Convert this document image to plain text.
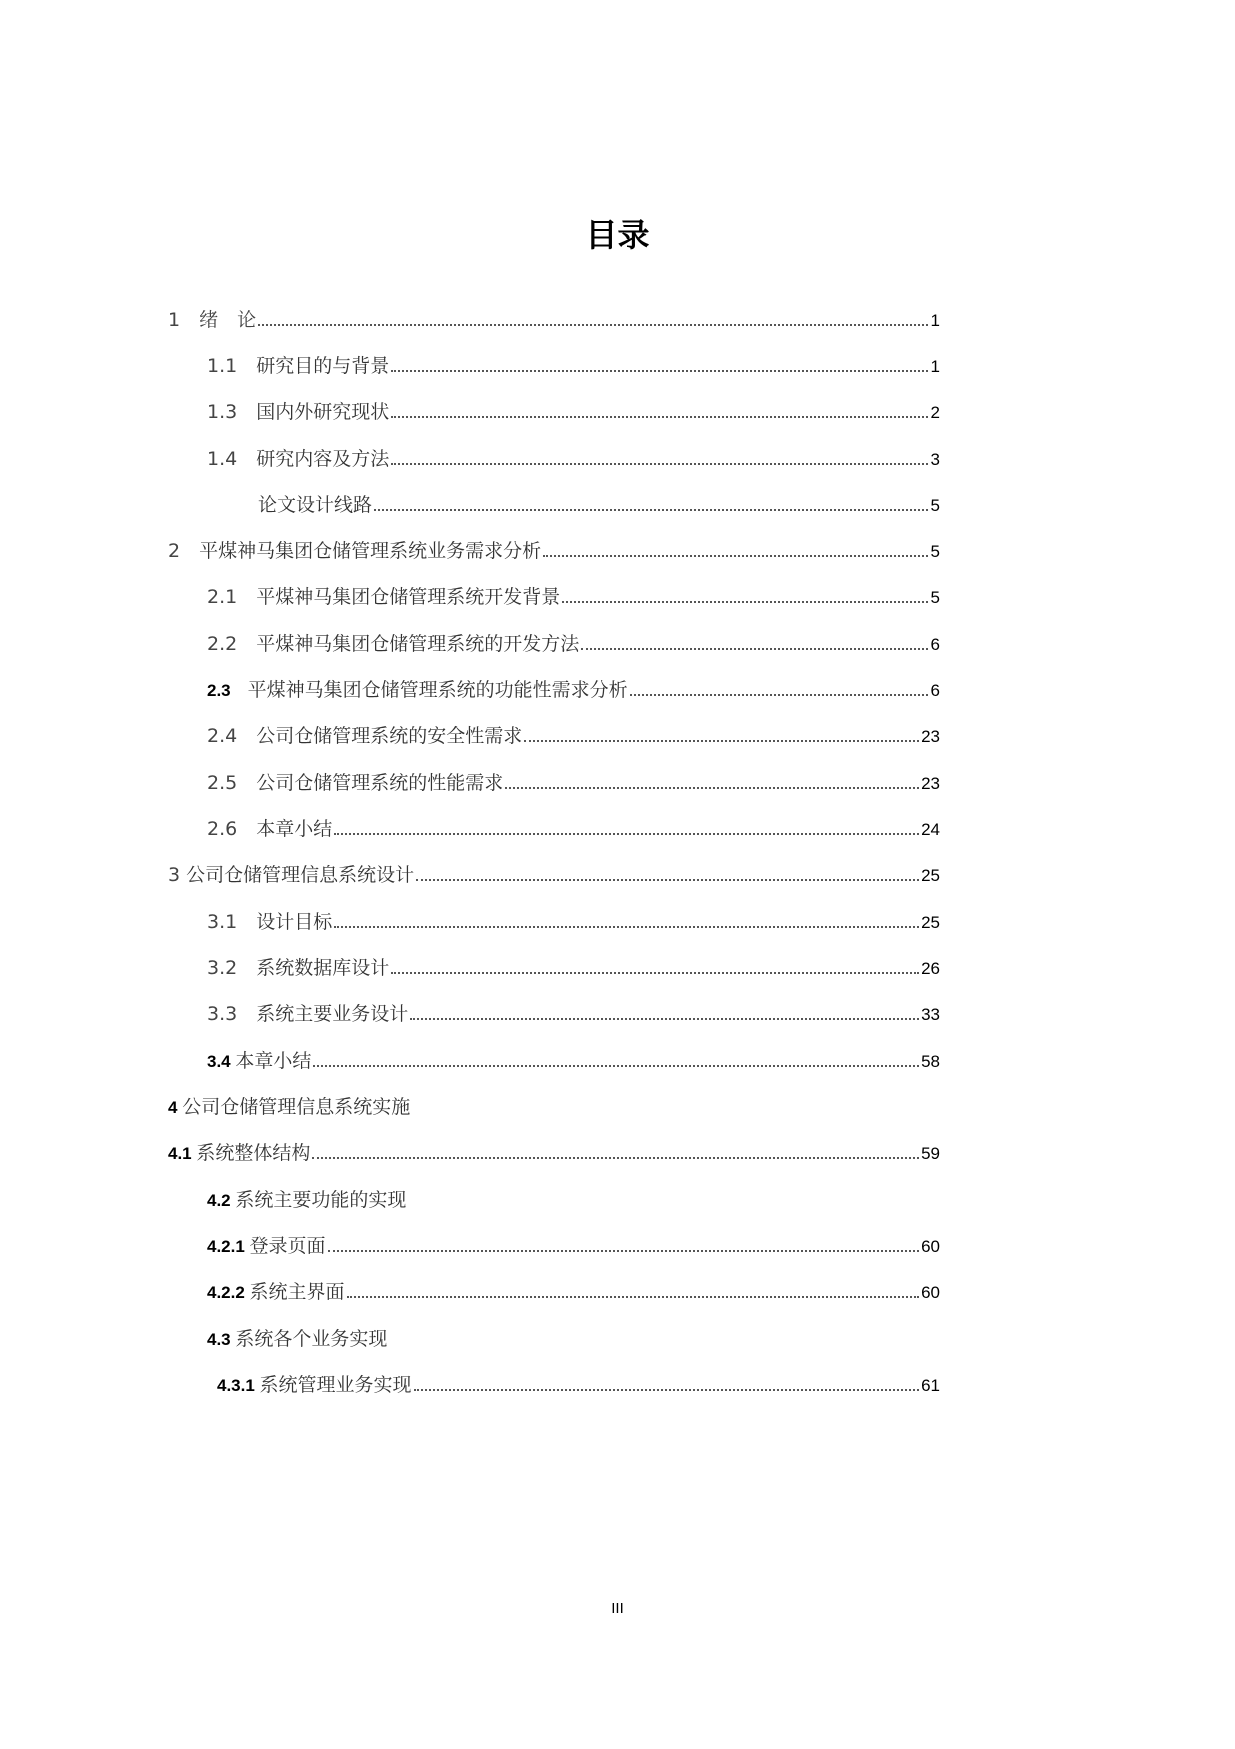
目录
1　绪　论	1
1.1　 研究目的与背景	1
1.3　 国内外研究现状	2
1.4　 研究内容及方法	3
论文设计线路	5
2　 平煤神马集团仓储管理系统业务需求分析	5
2.1　 平煤神马集团仓储管理系统开发背景	5
2.2　 平煤神马集团仓储管理系统的开发方法	6
2.3　 平煤神马集团仓储管理系统的功能性需求分析	6
2.4　 公司仓储管理系统的安全性需求	23
2.5　 公司仓储管理系统的性能需求	23
2.6　 本章小结	24
3 公司仓储管理信息系统设计	25
3.1　 设计目标	25
3.2　 系统数据库设计	26
3.3　 系统主要业务设计	33
3.4 本章小结	58
4 公司仓储管理信息系统实施
4.1 系统整体结构	59
4.2 系统主要功能的实现
4.2.1 登录页面	60
4.2.2 系统主界面	60
4.3 系统各个业务实现
4.3.1 系统管理业务实现	61
III
